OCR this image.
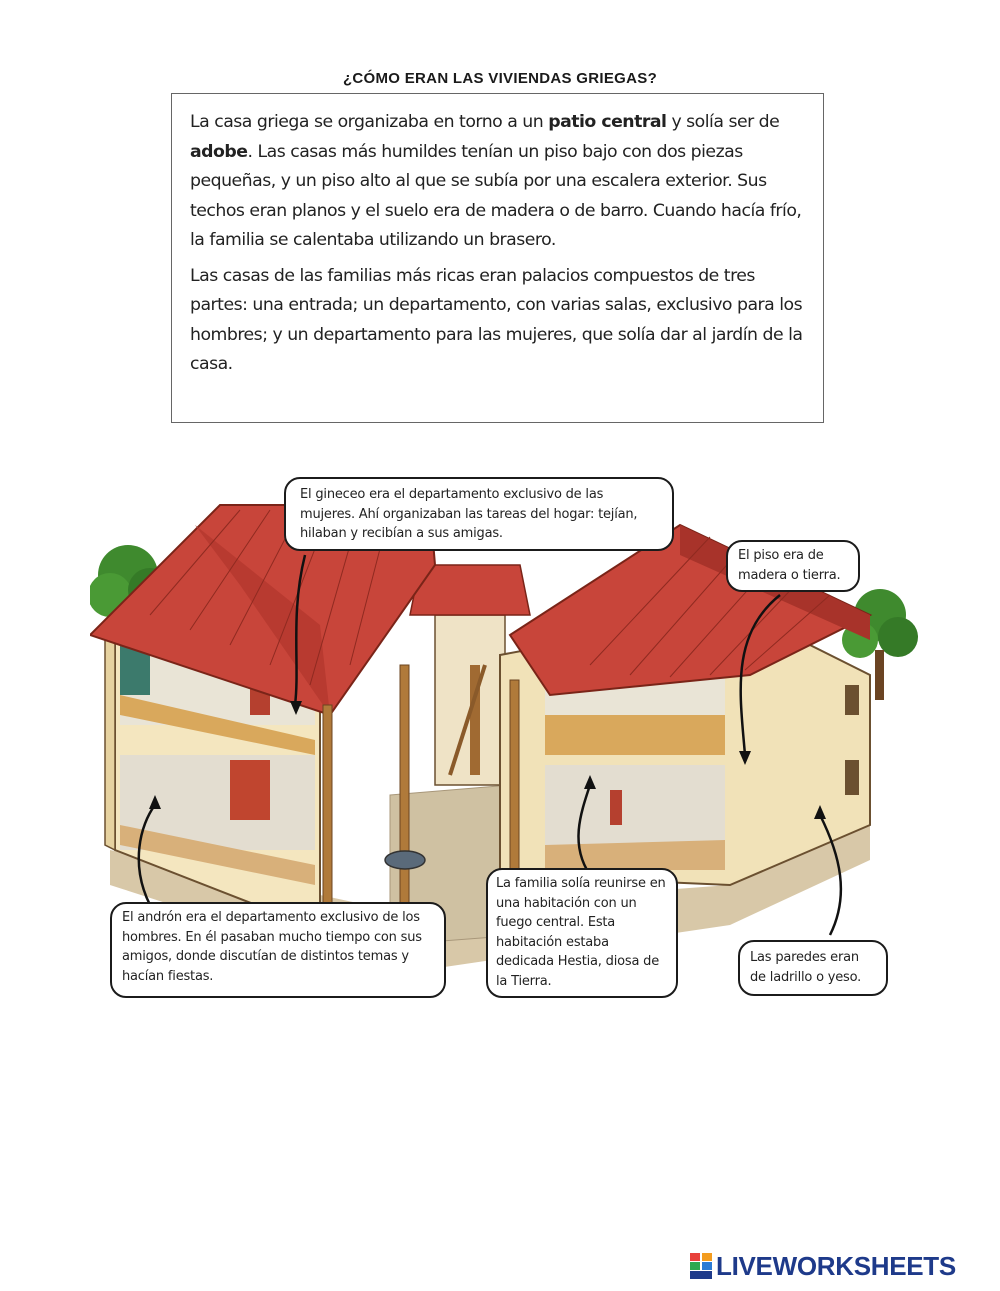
¿CÓMO ERAN LAS VIVIENDAS GRIEGAS?

La casa griega se organizaba en torno a un patio central y solía ser de adobe. Las casas más humildes tenían un piso bajo con dos piezas pequeñas, y un piso alto al que se subía por una escalera exterior. Sus techos eran planos y el suelo era de madera o de barro. Cuando hacía frío, la familia se calentaba utilizando un brasero.

Las casas de las familias más ricas eran palacios compuestos de tres partes: una entrada; un departamento, con varias salas, exclusivo para los hombres; y un departamento para las mujeres, que solía dar al jardín de la casa.

El gineceo era el departamento exclusivo de las mujeres. Ahí organizaban las tareas del hogar: tejían, hilaban y recibían a sus amigas.
El piso era de madera o tierra.
El andrón era el departamento exclusivo de los hombres. En él pasaban mucho tiempo con sus amigos, donde discutían de distintos temas y hacían fiestas.
La familia solía reunirse en una habitación con un fuego central. Esta habitación estaba dedicada Hestia, diosa de la Tierra.
Las paredes eran de ladrillo o yeso.
LIVEWORKSHEETS
